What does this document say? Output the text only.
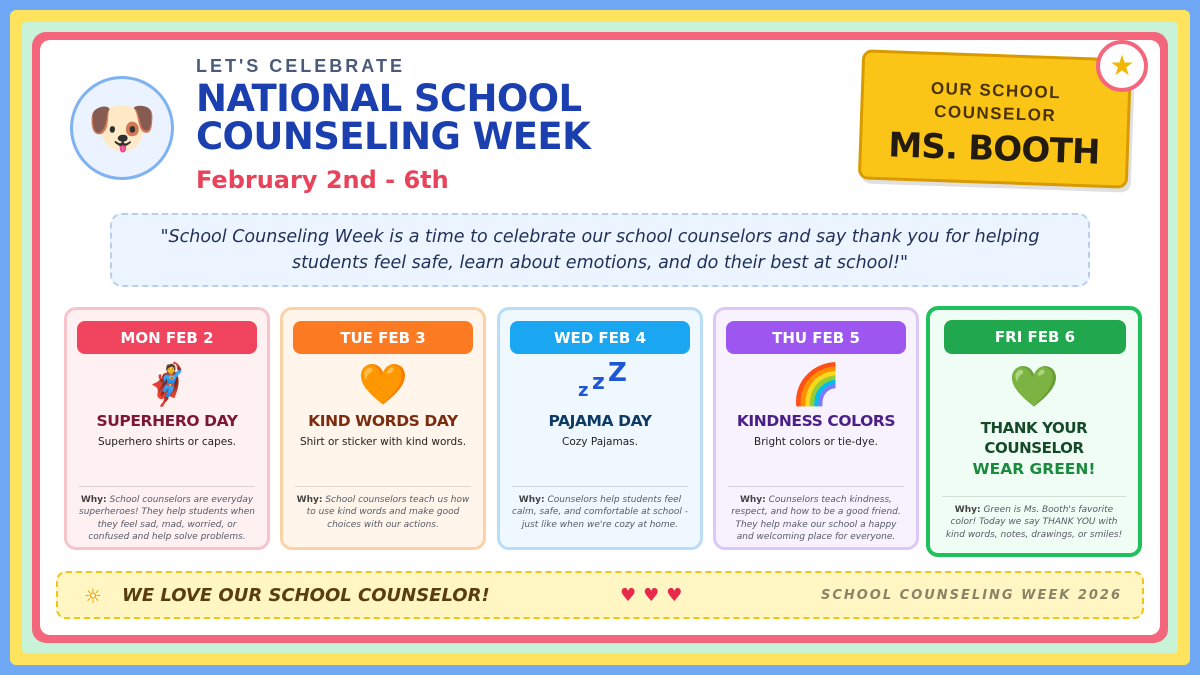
🐶
LET'S CELEBRATE
NATIONAL SCHOOL COUNSELING WEEK
February 2nd - 6th
OUR SCHOOL
COUNSELOR
MS. BOOTH
★
"School Counseling Week is a time to celebrate our school counselors and say thank you for helping students feel safe, learn about emotions, and do their best at school!"
MON FEB 2
🦸
SUPERHERO DAY
Superhero shirts or capes.
Why: School counselors are everyday superheroes! They help students when they feel sad, mad, worried, or confused and help solve problems.
TUE FEB 3
🧡
KIND WORDS DAY
Shirt or sticker with kind words.
Why: School counselors teach us how to use kind words and make good choices with our actions.
WED FEB 4
z z Z
PAJAMA DAY
Cozy Pajamas.
Why: Counselors help students feel calm, safe, and comfortable at school - just like when we're cozy at home.
THU FEB 5
🌈
KINDNESS COLORS
Bright colors or tie-dye.
Why: Counselors teach kindness, respect, and how to be a good friend. They help make our school a happy and welcoming place for everyone.
FRI FEB 6
💚
THANK YOUR
COUNSELOR
WEAR GREEN!
Why: Green is Ms. Booth's favorite color! Today we say THANK YOU with kind words, notes, drawings, or smiles!
☼ WE LOVE OUR SCHOOL COUNSELOR!	♥♥♥	SCHOOL COUNSELING WEEK 2026
